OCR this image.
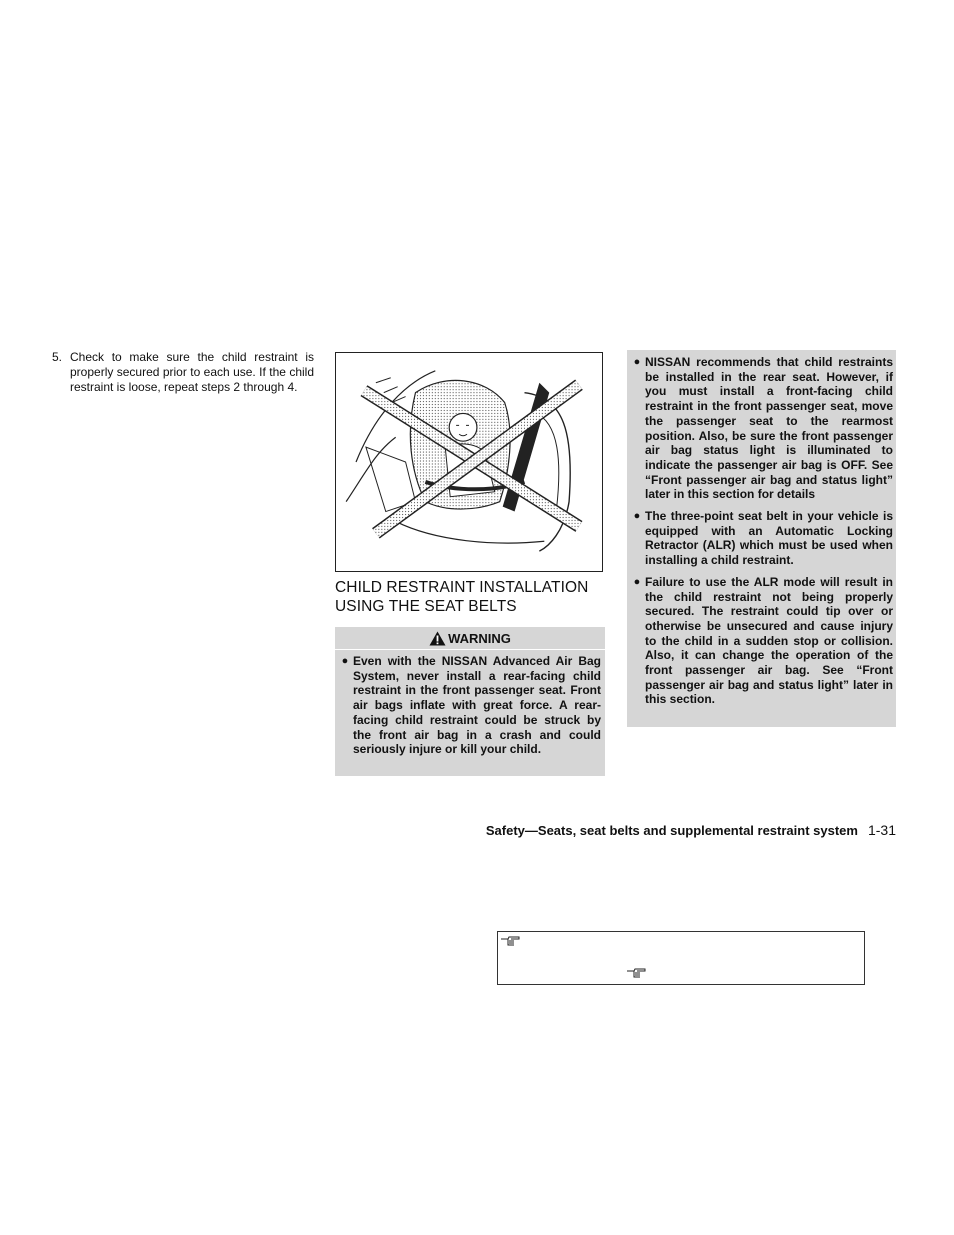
5. Check to make sure the child restraint is properly secured prior to each use. If the child restraint is loose, repeat steps 2 through 4.
CHILD RESTRAINT INSTALLATION
USING THE SEAT BELTS
WARNING
● Even with the NISSAN Advanced Air Bag System, never install a rear-facing child restraint in the front passenger seat. Front air bags inflate with great force. A rear-facing child restraint could be struck by the front air bag in a crash and could seriously injure or kill your child.
● NISSAN recommends that child restraints be installed in the rear seat. However, if you must install a front-facing child restraint in the front passenger seat, move the passenger seat to the rearmost position. Also, be sure the front passenger air bag status light is illuminated to indicate the passenger air bag is OFF. See “Front passenger air bag and status light” later in this section for details
● The three-point seat belt in your vehicle is equipped with an Automatic Locking Retractor (ALR) which must be used when installing a child restraint.
● Failure to use the ALR mode will result in the child restraint not being properly secured. The restraint could tip over or otherwise be unsecured and cause injury to the child in a sudden stop or collision. Also, it can change the operation of the front passenger air bag. See “Front passenger air bag and status light” later in this section.
Safety—Seats, seat belts and supplemental restraint system 1-31
